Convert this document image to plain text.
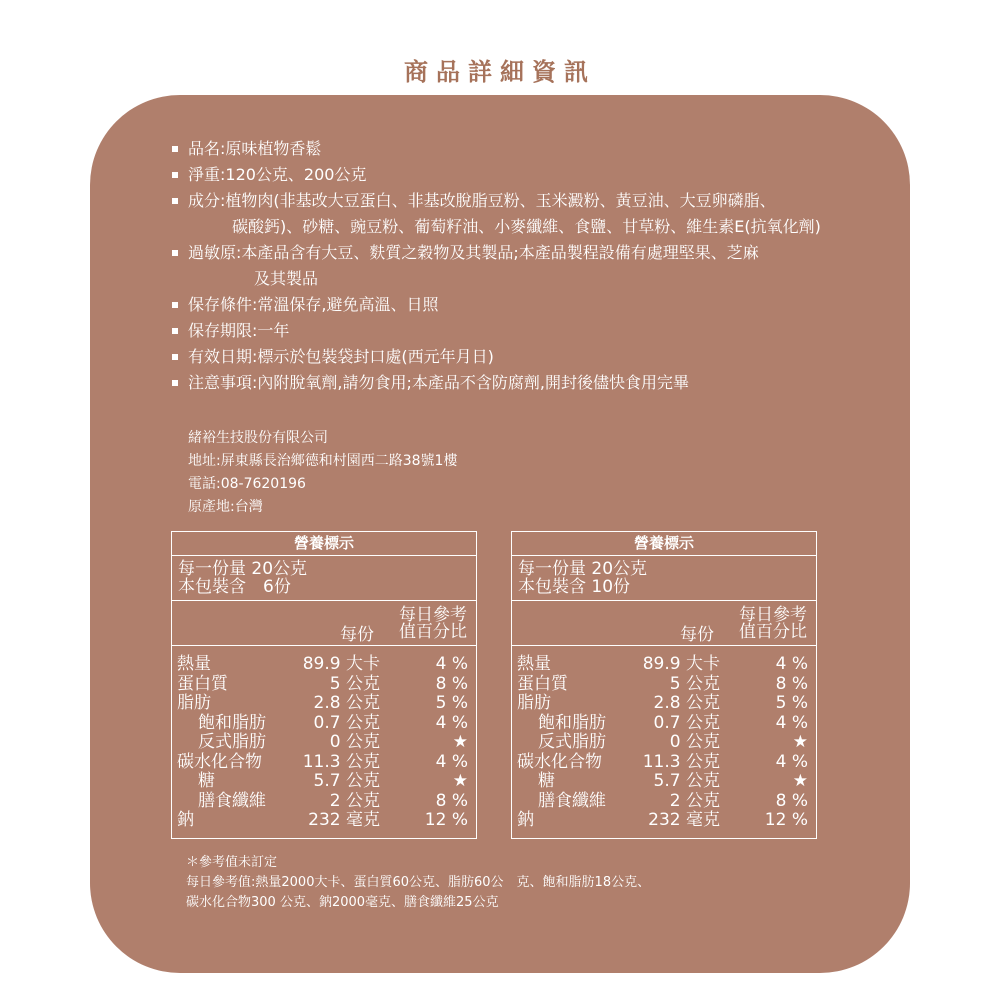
商品詳細資訊
品名:原味植物香鬆
淨重:120公克、200公克
成分:植物肉(非基改大豆蛋白、非基改脫脂豆粉、玉米澱粉、黃豆油、大豆卵磷脂、
碳酸鈣)、砂糖、豌豆粉、葡萄籽油、小麥纖維、食鹽、甘草粉、維生素E(抗氧化劑)
過敏原:本產品含有大豆、麩質之穀物及其製品;本產品製程設備有處理堅果、芝麻
及其製品
保存條件:常溫保存,避免高溫、日照
保存期限:一年
有效日期:標示於包裝袋封口處(西元年月日)
注意事項:內附脫氧劑,請勿食用;本產品不含防腐劑,開封後儘快食用完畢
緒裕生技股份有限公司
地址:屏東縣長治鄉德和村園西二路38號1樓
電話:08-7620196
原產地:台灣
營養標示
每一份量 20公克
本包裝含　6份
每份
每日參考
值百分比
熱量	89.9 大卡	4 %
蛋白質	5 公克	8 %
脂肪	2.8 公克	5 %
飽和脂肪	0.7 公克	4 %
反式脂肪	0 公克	★
碳水化合物 11.3 公克	4 %
糖	5.7 公克	★
膳食纖維	2 公克	8 %
鈉	232 毫克	12 %
營養標示
每一份量 20公克
本包裝含 10份
每份
每日參考
值百分比
熱量	89.9 大卡	4 %
蛋白質	5 公克	8 %
脂肪	2.8 公克	5 %
飽和脂肪	0.7 公克	4 %
反式脂肪	0 公克	★
碳水化合物 11.3 公克	4 %
糖	5.7 公克	★
膳食纖維	2 公克	8 %
鈉	232 毫克	12 %
＊參考值未訂定
每日參考值:熱量2000大卡、蛋白質60公克、脂肪60公　克、飽和脂肪18公克、
碳水化合物300 公克、鈉2000毫克、膳食纖維25公克
